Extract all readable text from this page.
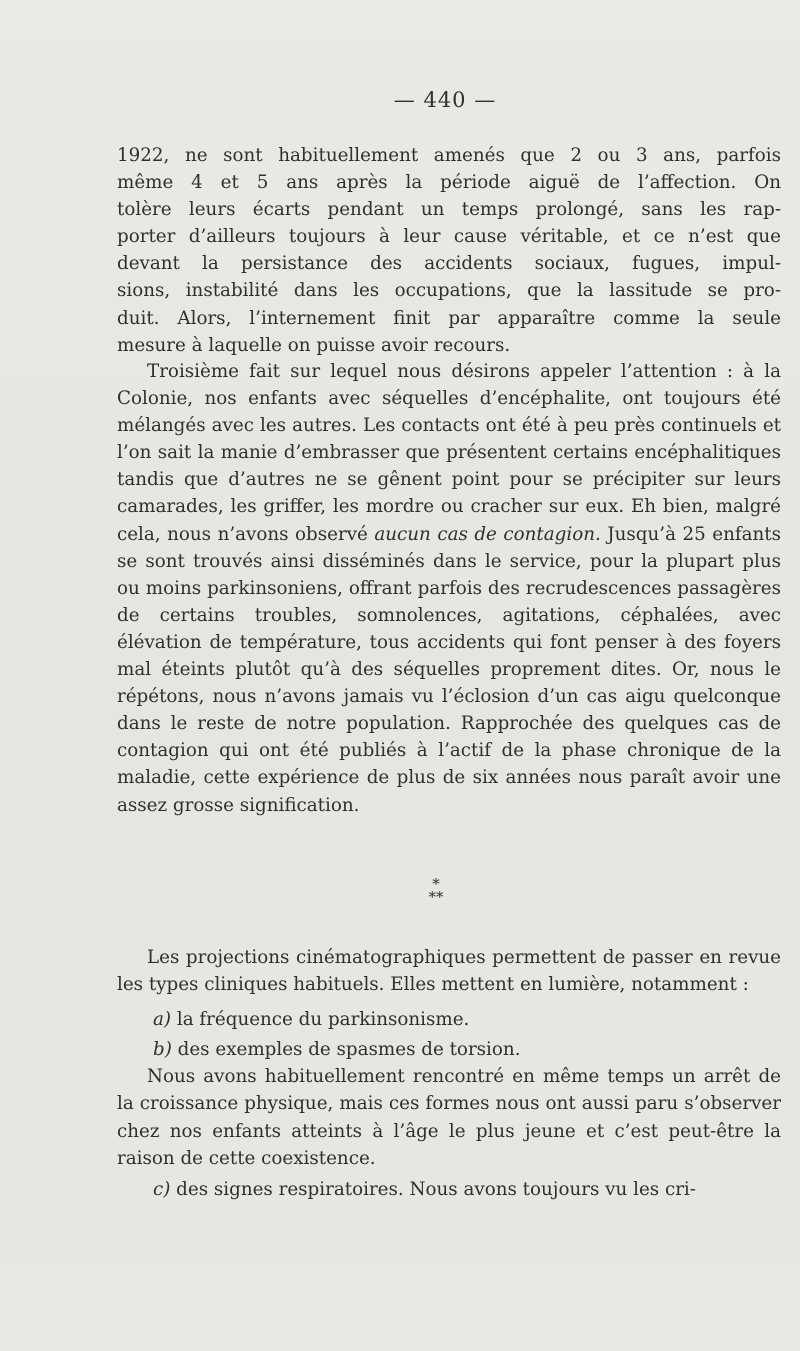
— 440 —

1922, ne sont habituellement amenés que 2 ou 3 ans, parfois
même 4 et 5 ans après la période aiguë de l’affection. On
tolère leurs écarts pendant un temps prolongé, sans les rap-
porter d’ailleurs toujours à leur cause véritable, et ce n’est que
devant la persistance des accidents sociaux, fugues, impul-
sions, instabilité dans les occupations, que la lassitude se pro-
duit. Alors, l’internement finit par apparaître comme la seule
mesure à laquelle on puisse avoir recours.

Troisième fait sur lequel nous désirons appeler l’attention : à la Colonie, nos enfants avec séquelles d’encéphalite, ont toujours été mélangés avec les autres. Les contacts ont été à peu près continuels et l’on sait la manie d’embrasser que présentent certains encéphalitiques tandis que d’autres ne se gênent point pour se précipiter sur leurs camarades, les griffer, les mordre ou cracher sur eux. Eh bien, malgré cela, nous n’avons observé aucun cas de contagion. Jusqu’à 25 enfants se sont trouvés ainsi disséminés dans le service, pour la plupart plus ou moins parkinsoniens, offrant parfois des recrudescences passagères de certains troubles, somnolences, agitations, céphalées, avec élévation de température, tous accidents qui font penser à des foyers mal éteints plutôt qu’à des séquelles proprement dites. Or, nous le répétons, nous n’avons jamais vu l’éclosion d’un cas aigu quelconque dans le reste de notre population. Rapprochée des quelques cas de contagion qui ont été publiés à l’actif de la phase chronique de la maladie, cette expérience de plus de six années nous paraît avoir une assez grosse signification.

*
**

Les projections cinématographiques permettent de passer en revue les types cliniques habituels. Elles mettent en lumière, notamment :

a) la fréquence du parkinsonisme.

b) des exemples de spasmes de torsion.

Nous avons habituellement rencontré en même temps un arrêt de la croissance physique, mais ces formes nous ont aussi paru s’observer chez nos enfants atteints à l’âge le plus jeune et c’est peut-être la raison de cette coexistence.

c) des signes respiratoires. Nous avons toujours vu les cri-
